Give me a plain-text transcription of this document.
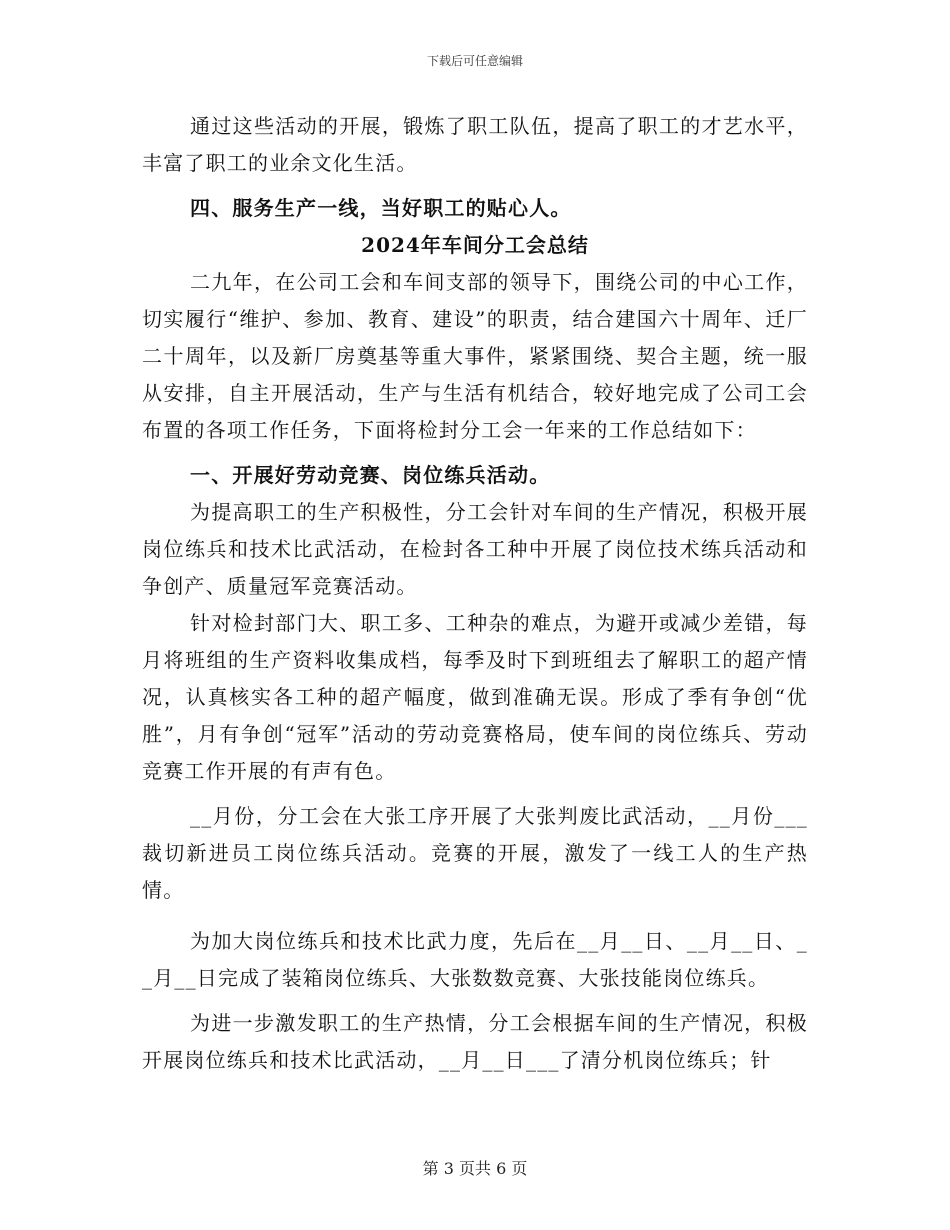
下载后可任意编辑

通过这些活动的开展，锻炼了职工队伍，提高了职工的才艺水平，丰富了职工的业余文化生活。

四、服务生产一线，当好职工的贴心人。

2024年车间分工会总结

二九年，在公司工会和车间支部的领导下，围绕公司的中心工作，切实履行“维护、参加、教育、建设”的职责，结合建国六十周年、迁厂二十周年，以及新厂房奠基等重大事件，紧紧围绕、契合主题，统一服从安排，自主开展活动，生产与生活有机结合，较好地完成了公司工会布置的各项工作任务，下面将检封分工会一年来的工作总结如下：

一、开展好劳动竞赛、岗位练兵活动。

为提高职工的生产积极性，分工会针对车间的生产情况，积极开展岗位练兵和技术比武活动，在检封各工种中开展了岗位技术练兵活动和争创产、质量冠军竞赛活动。

针对检封部门大、职工多、工种杂的难点，为避开或减少差错，每月将班组的生产资料收集成档，每季及时下到班组去了解职工的超产情况，认真核实各工种的超产幅度，做到准确无误。形成了季有争创“优胜”，月有争创“冠军”活动的劳动竞赛格局，使车间的岗位练兵、劳动竞赛工作开展的有声有色。

__月份，分工会在大张工序开展了大张判废比武活动，__月份___裁切新进员工岗位练兵活动。竞赛的开展，激发了一线工人的生产热情。

为加大岗位练兵和技术比武力度，先后在__月__日、__月__日、__月__日完成了装箱岗位练兵、大张数数竞赛、大张技能岗位练兵。

为进一步激发职工的生产热情，分工会根据车间的生产情况，积极开展岗位练兵和技术比武活动，__月__日___了清分机岗位练兵；针

第 3 页共 6 页
